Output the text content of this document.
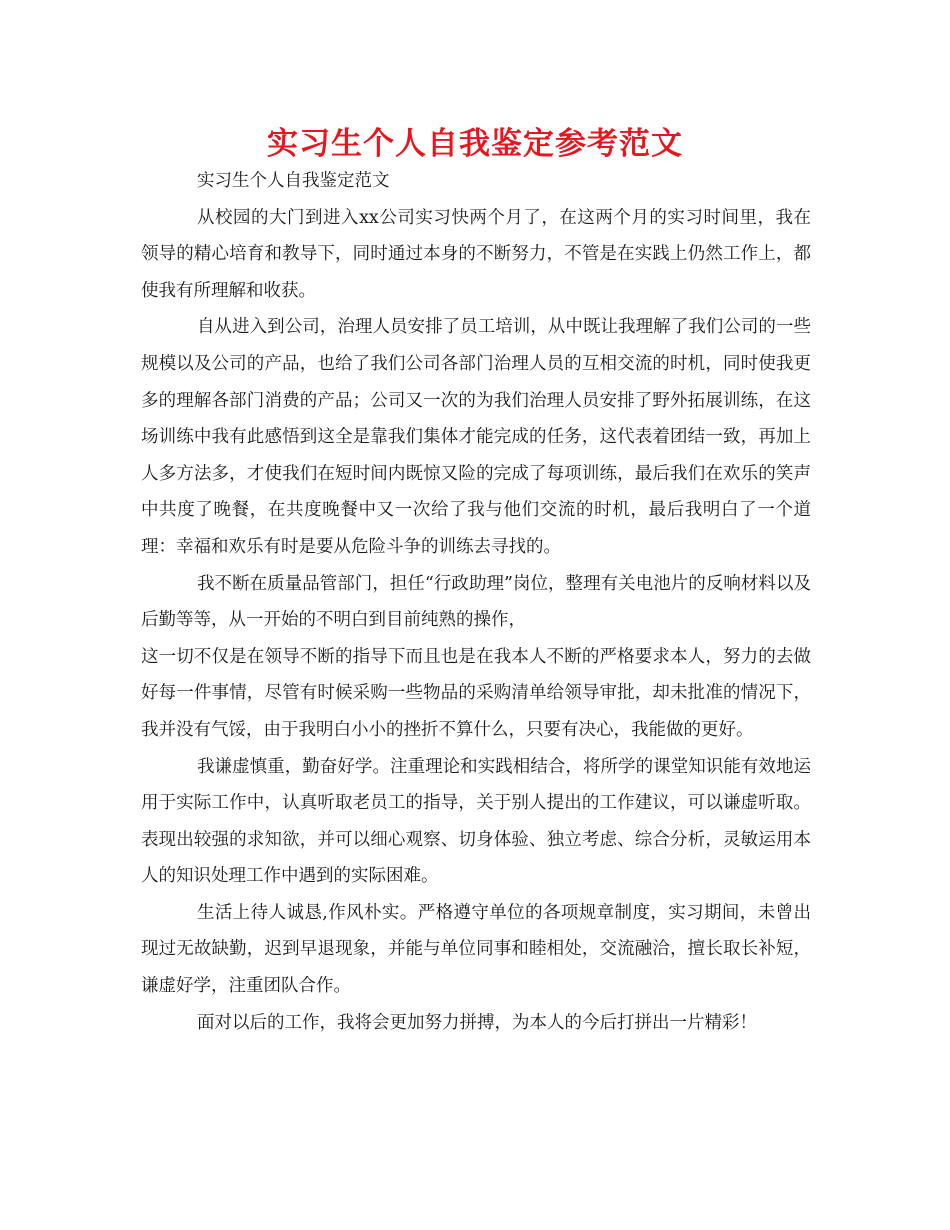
实习生个人自我鉴定参考范文

实习生个人自我鉴定范文

从校园的大门到进入xx公司实习快两个月了，在这两个月的实习时间里，我在领导的精心培育和教导下，同时通过本身的不断努力，不管是在实践上仍然工作上，都使我有所理解和收获。

自从进入到公司，治理人员安排了员工培训，从中既让我理解了我们公司的一些规模以及公司的产品，也给了我们公司各部门治理人员的互相交流的时机，同时使我更多的理解各部门消费的产品；公司又一次的为我们治理人员安排了野外拓展训练，在这场训练中我有此感悟到这全是靠我们集体才能完成的任务，这代表着团结一致，再加上人多方法多，才使我们在短时间内既惊又险的完成了每项训练，最后我们在欢乐的笑声中共度了晚餐，在共度晚餐中又一次给了我与他们交流的时机，最后我明白了一个道理：幸福和欢乐有时是要从危险斗争的训练去寻找的。

我不断在质量品管部门，担任“行政助理”岗位，整理有关电池片的反响材料以及后勤等等，从一开始的不明白到目前纯熟的操作，

这一切不仅是在领导不断的指导下而且也是在我本人不断的严格要求本人，努力的去做好每一件事情，尽管有时候采购一些物品的采购清单给领导审批，却未批准的情况下，我并没有气馁，由于我明白小小的挫折不算什么，只要有决心，我能做的更好。

我谦虚慎重，勤奋好学。注重理论和实践相结合，将所学的课堂知识能有效地运用于实际工作中，认真听取老员工的指导，关于别人提出的工作建议，可以谦虚听取。表现出较强的求知欲，并可以细心观察、切身体验、独立考虑、综合分析，灵敏运用本人的知识处理工作中遇到的实际困难。

生活上待人诚恳,作风朴实。严格遵守单位的各项规章制度，实习期间，未曾出现过无故缺勤，迟到早退现象，并能与单位同事和睦相处，交流融洽，擅长取长补短，谦虚好学，注重团队合作。

面对以后的工作，我将会更加努力拼搏，为本人的今后打拼出一片精彩！
